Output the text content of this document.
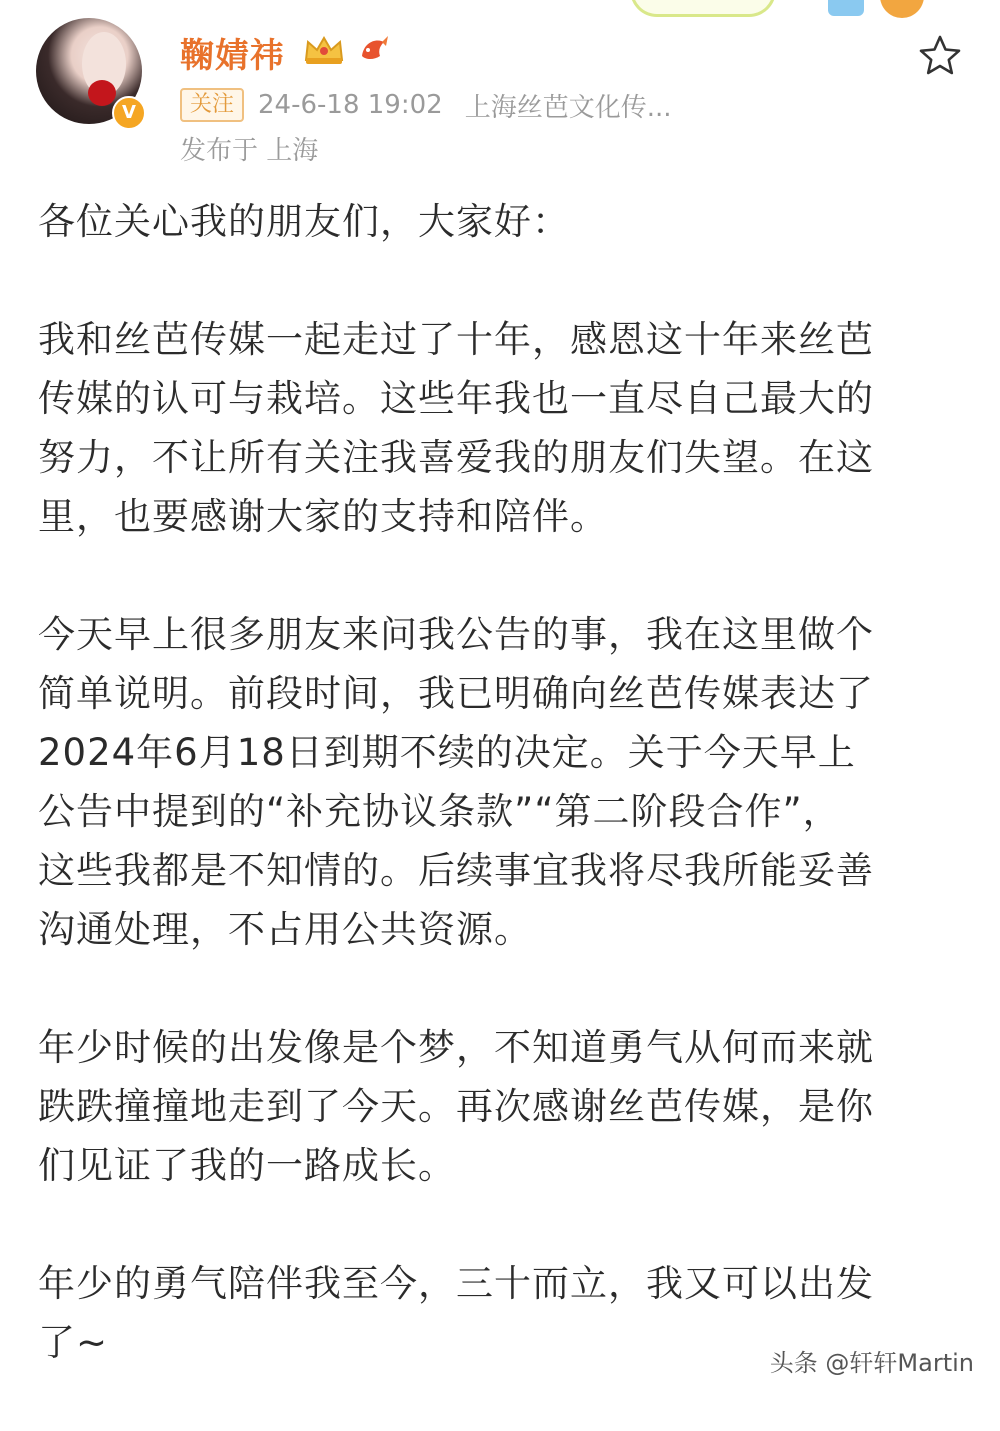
V
鞠婧祎
关注 24-6-18 19:02 上海丝芭文化传...
发布于 上海

各位关心我的朋友们，大家好：

我和丝芭传媒一起走过了十年，感恩这十年来丝芭
传媒的认可与栽培。这些年我也一直尽自己最大的
努力，不让所有关注我喜爱我的朋友们失望。在这
里，也要感谢大家的支持和陪伴。

今天早上很多朋友来问我公告的事，我在这里做个
简单说明。前段时间，我已明确向丝芭传媒表达了
2024年6月18日到期不续的决定。关于今天早上
公告中提到的“补充协议条款”“第二阶段合作”，
这些我都是不知情的。后续事宜我将尽我所能妥善
沟通处理，不占用公共资源。

年少时候的出发像是个梦，不知道勇气从何而来就
跌跌撞撞地走到了今天。再次感谢丝芭传媒，是你
们见证了我的一路成长。

年少的勇气陪伴我至今，三十而立，我又可以出发
了~	头条 @轩轩Martin
